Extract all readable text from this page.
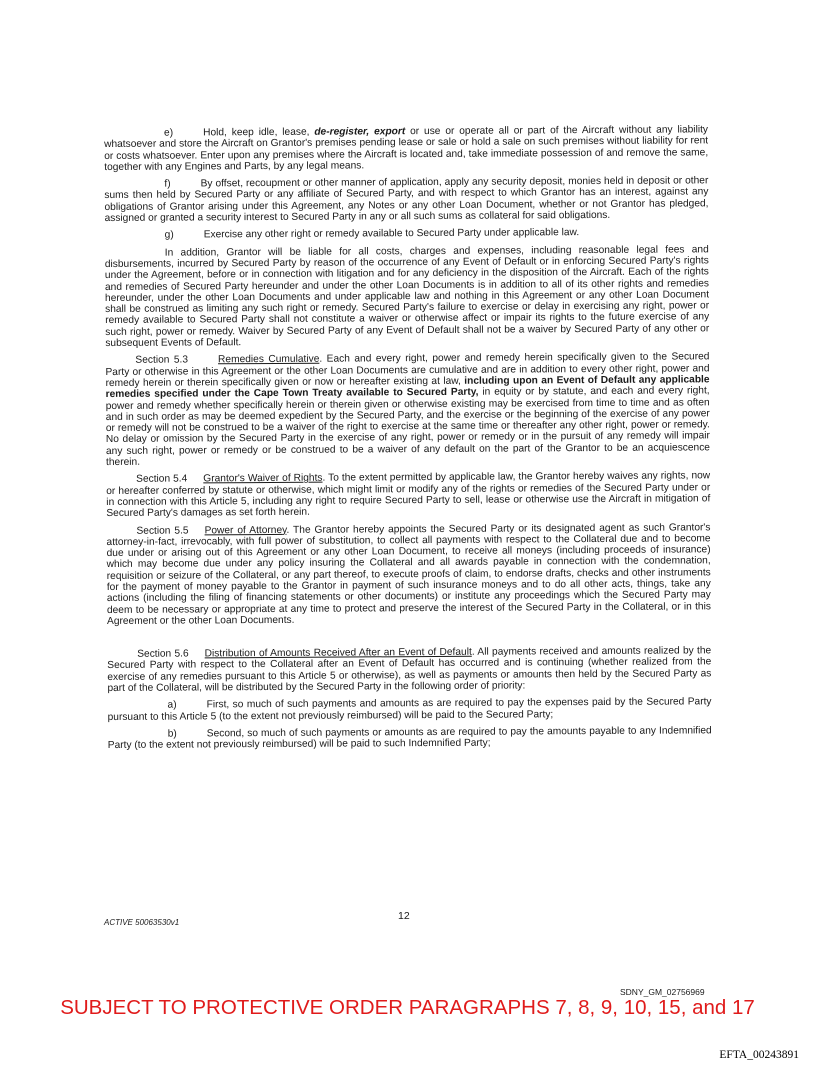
e)	Hold, keep idle, lease, de-register, export or use or operate all or part of the Aircraft without any liability whatsoever and store the Aircraft on Grantor's premises pending lease or sale or hold a sale on such premises without liability for rent or costs whatsoever. Enter upon any premises where the Aircraft is located and, take immediate possession of and remove the same, together with any Engines and Parts, by any legal means.

f)	By offset, recoupment or other manner of application, apply any security deposit, monies held in deposit or other sums then held by Secured Party or any affiliate of Secured Party, and with respect to which Grantor has an interest, against any obligations of Grantor arising under this Agreement, any Notes or any other Loan Document, whether or not Grantor has pledged, assigned or granted a security interest to Secured Party in any or all such sums as collateral for said obligations.

g)	Exercise any other right or remedy available to Secured Party under applicable law.

In addition, Grantor will be liable for all costs, charges and expenses, including reasonable legal fees and disbursements, incurred by Secured Party by reason of the occurrence of any Event of Default or in enforcing Secured Party's rights under the Agreement, before or in connection with litigation and for any deficiency in the disposition of the Aircraft. Each of the rights and remedies of Secured Party hereunder and under the other Loan Documents is in addition to all of its other rights and remedies hereunder, under the other Loan Documents and under applicable law and nothing in this Agreement or any other Loan Document shall be construed as limiting any such right or remedy. Secured Party's failure to exercise or delay in exercising any right, power or remedy available to Secured Party shall not constitute a waiver or otherwise affect or impair its rights to the future exercise of any such right, power or remedy. Waiver by Secured Party of any Event of Default shall not be a waiver by Secured Party of any other or subsequent Events of Default.

Section 5.3	Remedies Cumulative. Each and every right, power and remedy herein specifically given to the Secured Party or otherwise in this Agreement or the other Loan Documents are cumulative and are in addition to every other right, power and remedy herein or therein specifically given or now or hereafter existing at law, including upon an Event of Default any applicable remedies specified under the Cape Town Treaty available to Secured Party, in equity or by statute, and each and every right, power and remedy whether specifically herein or therein given or otherwise existing may be exercised from time to time and as often and in such order as may be deemed expedient by the Secured Party, and the exercise or the beginning of the exercise of any power or remedy will not be construed to be a waiver of the right to exercise at the same time or thereafter any other right, power or remedy. No delay or omission by the Secured Party in the exercise of any right, power or remedy or in the pursuit of any remedy will impair any such right, power or remedy or be construed to be a waiver of any default on the part of the Grantor to be an acquiescence therein.

Section 5.4 Grantor's Waiver of Rights. To the extent permitted by applicable law, the Grantor hereby waives any rights, now or hereafter conferred by statute or otherwise, which might limit or modify any of the rights or remedies of the Secured Party under or in connection with this Article 5, including any right to require Secured Party to sell, lease or otherwise use the Aircraft in mitigation of Secured Party's damages as set forth herein.

Section 5.5 Power of Attorney. The Grantor hereby appoints the Secured Party or its designated agent as such Grantor's attorney-in-fact, irrevocably, with full power of substitution, to collect all payments with respect to the Collateral due and to become due under or arising out of this Agreement or any other Loan Document, to receive all moneys (including proceeds of insurance) which may become due under any policy insuring the Collateral and all awards payable in connection with the condemnation, requisition or seizure of the Collateral, or any part thereof, to execute proofs of claim, to endorse drafts, checks and other instruments for the payment of money payable to the Grantor in payment of such insurance moneys and to do all other acts, things, take any actions (including the filing of financing statements or other documents) or institute any proceedings which the Secured Party may deem to be necessary or appropriate at any time to protect and preserve the interest of the Secured Party in the Collateral, or in this Agreement or the other Loan Documents.

Section 5.6 Distribution of Amounts Received After an Event of Default. All payments received and amounts realized by the Secured Party with respect to the Collateral after an Event of Default has occurred and is continuing (whether realized from the exercise of any remedies pursuant to this Article 5 or otherwise), as well as payments or amounts then held by the Secured Party as part of the Collateral, will be distributed by the Secured Party in the following order of priority:

a)	First, so much of such payments and amounts as are required to pay the expenses paid by the Secured Party pursuant to this Article 5 (to the extent not previously reimbursed) will be paid to the Secured Party;

b)	Second, so much of such payments or amounts as are required to pay the amounts payable to any Indemnified Party (to the extent not previously reimbursed) will be paid to such Indemnified Party;

12
ACTIVE 50063530v1
SDNY_GM_02756969
SUBJECT TO PROTECTIVE ORDER PARAGRAPHS 7, 8, 9, 10, 15, and 17
EFTA_00243891
